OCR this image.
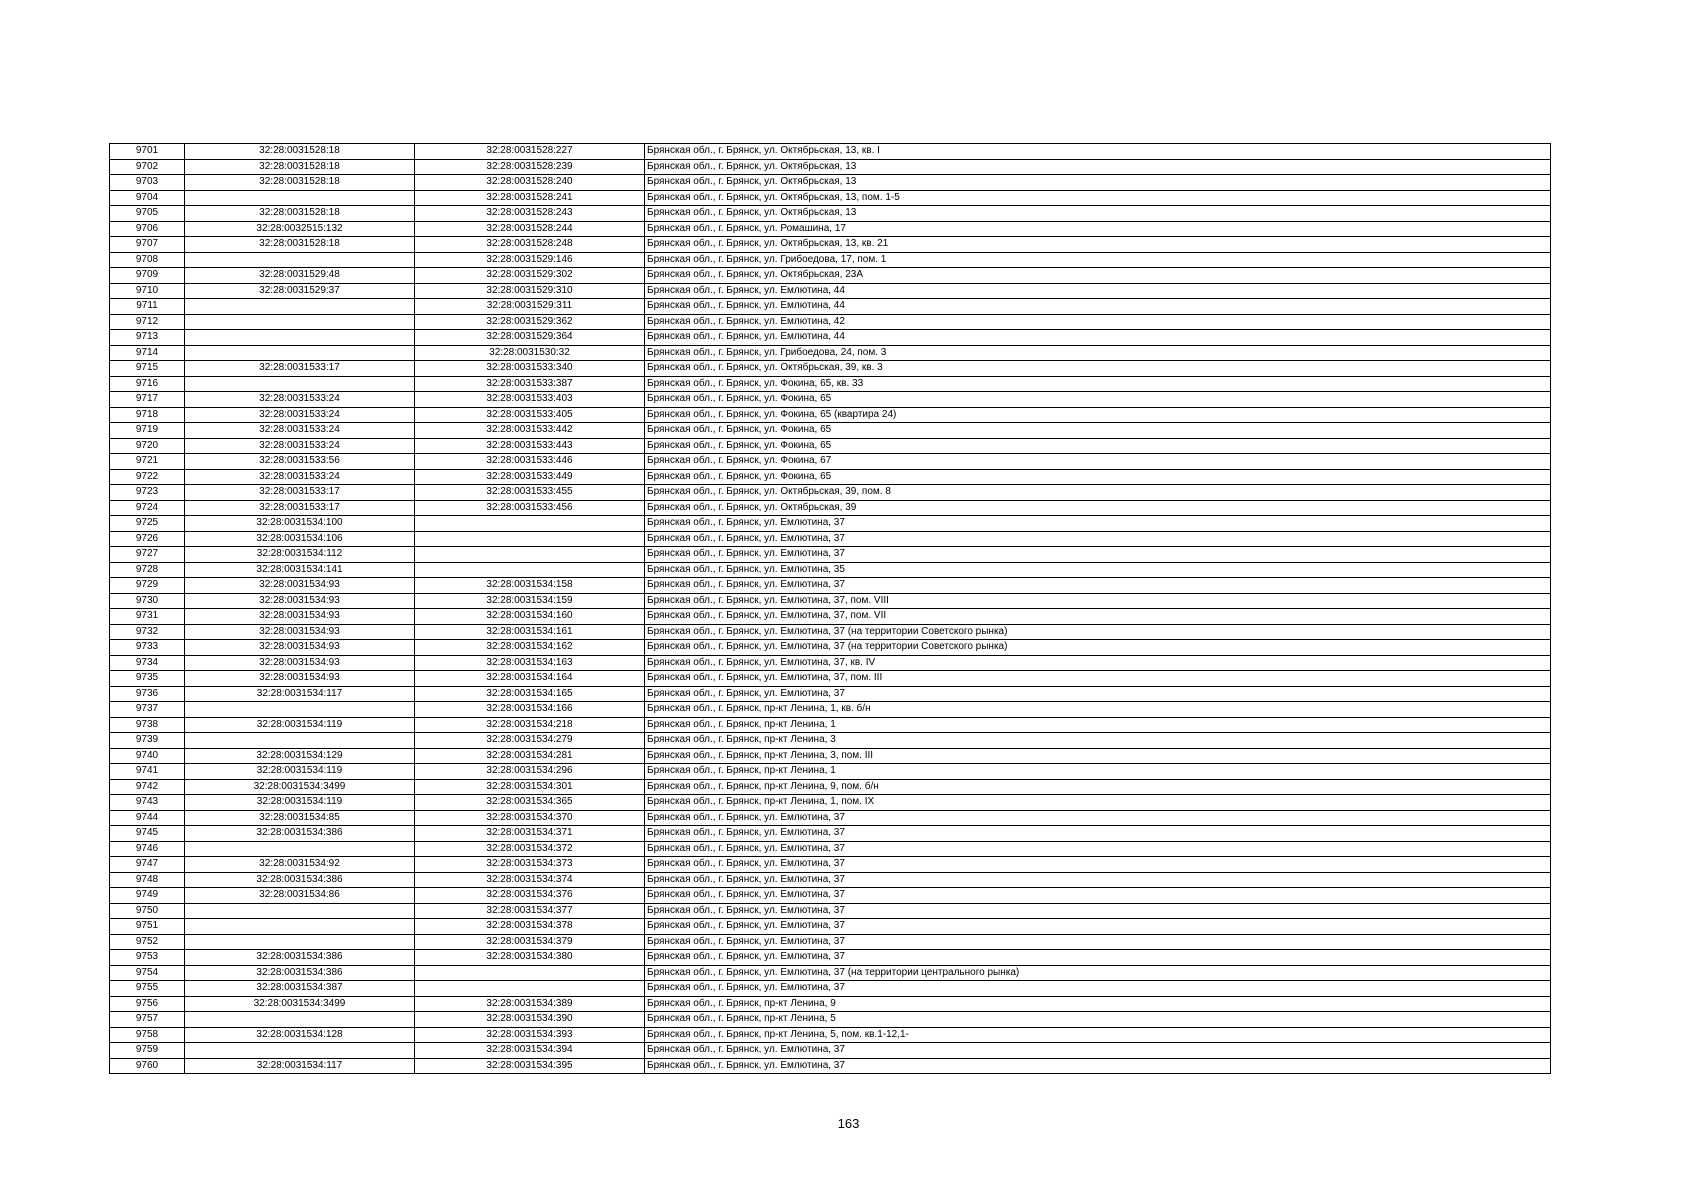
9701	32:28:0031528:18	32:28:0031528:227	Брянская обл., г. Брянск, ул. Октябрьская, 13, кв. I
9702	32:28:0031528:18	32:28:0031528:239	Брянская обл., г. Брянск, ул. Октябрьская, 13
9703	32:28:0031528:18	32:28:0031528:240	Брянская обл., г. Брянск, ул. Октябрьская, 13
9704		32:28:0031528:241	Брянская обл., г. Брянск, ул. Октябрьская, 13, пом. 1-5
9705	32:28:0031528:18	32:28:0031528:243	Брянская обл., г. Брянск, ул. Октябрьская, 13
9706	32:28:0032515:132	32:28:0031528:244	Брянская обл., г. Брянск, ул. Ромашина, 17
9707	32:28:0031528:18	32:28:0031528:248	Брянская обл., г. Брянск, ул. Октябрьская, 13, кв. 21
9708		32:28:0031529:146	Брянская обл., г. Брянск, ул. Грибоедова, 17, пом. 1
9709	32:28:0031529:48	32:28:0031529:302	Брянская обл., г. Брянск, ул. Октябрьская, 23А
9710	32:28:0031529:37	32:28:0031529:310	Брянская обл., г. Брянск, ул. Емлютина, 44
9711		32:28:0031529:311	Брянская обл., г. Брянск, ул. Емлютина, 44
9712		32:28:0031529:362	Брянская обл., г. Брянск, ул. Емлютина, 42
9713		32:28:0031529:364	Брянская обл., г. Брянск, ул. Емлютина, 44
9714		32:28:0031530:32	Брянская обл., г. Брянск, ул. Грибоедова, 24, пом. 3
9715	32:28:0031533:17	32:28:0031533:340	Брянская обл., г. Брянск, ул. Октябрьская, 39, кв. 3
9716		32:28:0031533:387	Брянская обл., г. Брянск, ул. Фокина, 65, кв. 33
9717	32:28:0031533:24	32:28:0031533:403	Брянская обл., г. Брянск, ул. Фокина, 65
9718	32:28:0031533:24	32:28:0031533:405	Брянская обл., г. Брянск, ул. Фокина, 65 (квартира 24)
9719	32:28:0031533:24	32:28:0031533:442	Брянская обл., г. Брянск, ул. Фокина, 65
9720	32:28:0031533:24	32:28:0031533:443	Брянская обл., г. Брянск, ул. Фокина, 65
9721	32:28:0031533:56	32:28:0031533:446	Брянская обл., г. Брянск, ул. Фокина, 67
9722	32:28:0031533:24	32:28:0031533:449	Брянская обл., г. Брянск, ул. Фокина, 65
9723	32:28:0031533:17	32:28:0031533:455	Брянская обл., г. Брянск, ул. Октябрьская, 39, пом. 8
9724	32:28:0031533:17	32:28:0031533:456	Брянская обл., г. Брянск, ул. Октябрьская, 39
9725	32:28:0031534:100		Брянская обл., г. Брянск, ул. Емлютина, 37
9726	32:28:0031534:106		Брянская обл., г. Брянск, ул. Емлютина, 37
9727	32:28:0031534:112		Брянская обл., г. Брянск, ул. Емлютина, 37
9728	32:28:0031534:141		Брянская обл., г. Брянск, ул. Емлютина, 35
9729	32:28:0031534:93	32:28:0031534:158	Брянская обл., г. Брянск, ул. Емлютина, 37
9730	32:28:0031534:93	32:28:0031534:159	Брянская обл., г. Брянск, ул. Емлютина, 37, пом. VIII
9731	32:28:0031534:93	32:28:0031534:160	Брянская обл., г. Брянск, ул. Емлютина, 37, пом. VII
9732	32:28:0031534:93	32:28:0031534:161	Брянская обл., г. Брянск, ул. Емлютина, 37 (на территории Советского рынка)
9733	32:28:0031534:93	32:28:0031534:162	Брянская обл., г. Брянск, ул. Емлютина, 37 (на территории Советского рынка)
9734	32:28:0031534:93	32:28:0031534:163	Брянская обл., г. Брянск, ул. Емлютина, 37, кв. IV
9735	32:28:0031534:93	32:28:0031534:164	Брянская обл., г. Брянск, ул. Емлютина, 37, пом. III
9736	32:28:0031534:117	32:28:0031534:165	Брянская обл., г. Брянск, ул. Емлютина, 37
9737		32:28:0031534:166	Брянская обл., г. Брянск, пр-кт Ленина, 1, кв. б/н
9738	32:28:0031534:119	32:28:0031534:218	Брянская обл., г. Брянск, пр-кт Ленина, 1
9739		32:28:0031534:279	Брянская обл., г. Брянск, пр-кт Ленина, 3
9740	32:28:0031534:129	32:28:0031534:281	Брянская обл., г. Брянск, пр-кт Ленина, 3, пом. III
9741	32:28:0031534:119	32:28:0031534:296	Брянская обл., г. Брянск, пр-кт Ленина, 1
9742	32:28:0031534:3499	32:28:0031534:301	Брянская обл., г. Брянск, пр-кт Ленина, 9, пом. б/н
9743	32:28:0031534:119	32:28:0031534:365	Брянская обл., г. Брянск, пр-кт Ленина, 1, пом. IX
9744	32:28:0031534:85	32:28:0031534:370	Брянская обл., г. Брянск, ул. Емлютина, 37
9745	32:28:0031534:386	32:28:0031534:371	Брянская обл., г. Брянск, ул. Емлютина, 37
9746		32:28:0031534:372	Брянская обл., г. Брянск, ул. Емлютина, 37
9747	32:28:0031534:92	32:28:0031534:373	Брянская обл., г. Брянск, ул. Емлютина, 37
9748	32:28:0031534:386	32:28:0031534:374	Брянская обл., г. Брянск, ул. Емлютина, 37
9749	32:28:0031534:86	32:28:0031534:376	Брянская обл., г. Брянск, ул. Емлютина, 37
9750		32:28:0031534:377	Брянская обл., г. Брянск, ул. Емлютина, 37
9751		32:28:0031534:378	Брянская обл., г. Брянск, ул. Емлютина, 37
9752		32:28:0031534:379	Брянская обл., г. Брянск, ул. Емлютина, 37
9753	32:28:0031534:386	32:28:0031534:380	Брянская обл., г. Брянск, ул. Емлютина, 37
9754	32:28:0031534:386		Брянская обл., г. Брянск, ул. Емлютина, 37 (на территории центрального рынка)
9755	32:28:0031534:387		Брянская обл., г. Брянск, ул. Емлютина, 37
9756	32:28:0031534:3499	32:28:0031534:389	Брянская обл., г. Брянск, пр-кт Ленина, 9
9757		32:28:0031534:390	Брянская обл., г. Брянск, пр-кт Ленина, 5
9758	32:28:0031534:128	32:28:0031534:393	Брянская обл., г. Брянск, пр-кт Ленина, 5, пом. кв.1-12,1-
9759		32:28:0031534:394	Брянская обл., г. Брянск, ул. Емлютина, 37
9760	32:28:0031534:117	32:28:0031534:395	Брянская обл., г. Брянск, ул. Емлютина, 37
163
